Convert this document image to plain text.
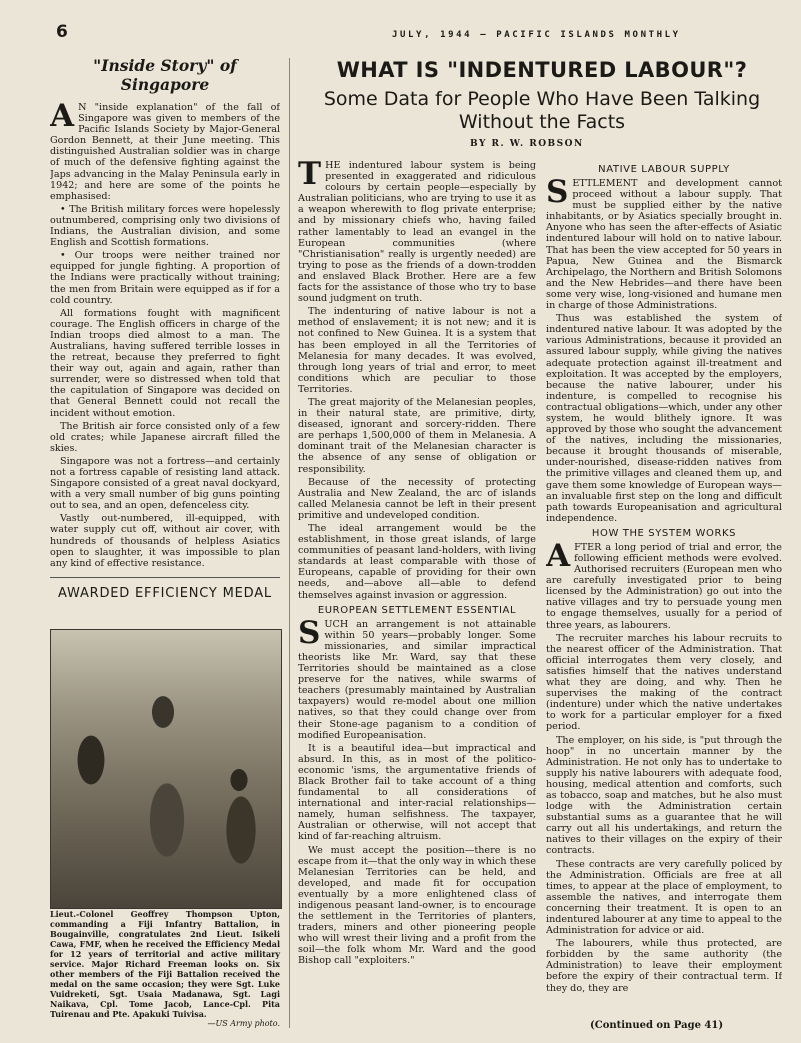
6	JULY, 1944 — PACIFIC ISLANDS MONTHLY
"Inside Story" of Singapore

A N "inside explanation" of the fall of Singapore was given to members of the Pacific Islands Society by Major-General Gordon Bennett, at their June meeting. This distinguished Australian soldier was in charge of much of the defensive fighting against the Japs advancing in the Malay Peninsula early in 1942; and here are some of the points he emphasised:

• The British military forces were hopelessly outnumbered, comprising only two divisions of Indians, the Australian division, and some English and Scottish formations.

• Our troops were neither trained nor equipped for jungle fighting. A proportion of the Indians were practically without training; the men from Britain were equipped as if for a cold country.

All formations fought with magnificent courage. The English officers in charge of the Indian troops died almost to a man. The Australians, having suffered terrible losses in the retreat, because they preferred to fight their way out, again and again, rather than surrender, were so distressed when told that the capitulation of Singapore was decided on that General Bennett could not recall the incident without emotion.

The British air force consisted only of a few old crates; while Japanese aircraft filled the skies.

Singapore was not a fortress—and certainly not a fortress capable of resisting land attack. Singapore consisted of a great naval dockyard, with a very small number of big guns pointing out to sea, and an open, defenceless city.

Vastly out-numbered, ill-equipped, with water supply cut off, without air cover, with hundreds of thousands of helpless Asiatics open to slaughter, it was impossible to plan any kind of effective resistance.

AWARDED EFFICIENCY MEDAL
Lieut.-Colonel Geoffrey Thompson Upton, commanding a Fiji Infantry Battalion, in Bougainville, congratulates 2nd Lieut. Isikeli Cawa, FMF, when he received the Efficiency Medal for 12 years of territorial and active military service. Major Richard Freeman looks on. Six other members of the Fiji Battalion received the medal on the same occasion; they were Sgt. Luke Vuidreketi, Sgt. Usaia Madanawa, Sgt. Lagi Naikava, Cpl. Tome Jacob, Lance-Cpl. Pita Tuirenau and Pte. Apakuki Tuivisa.
—US Army photo.
WHAT IS "INDENTURED LABOUR"?
Some Data for People Who Have Been Talking Without the Facts
BY R. W. ROBSON

THE indentured labour system is being presented in exaggerated and ridiculous colours by certain people—especially by Australian politicians, who are trying to use it as a weapon wherewith to flog private enterprise; and by missionary chiefs who, having failed rather lamentably to lead an evangel in the European communities (where "Christianisation" really is urgently needed) are trying to pose as the friends of a down-trodden and enslaved Black Brother. Here are a few facts for the assistance of those who try to base sound judgment on truth.

The indenturing of native labour is not a method of enslavement; it is not new; and it is not confined to New Guinea. It is a system that has been employed in all the Territories of Melanesia for many decades. It was evolved, through long years of trial and error, to meet conditions which are peculiar to those Territories.

The great majority of the Melanesian peoples, in their natural state, are primitive, dirty, diseased, ignorant and sorcery-ridden. There are perhaps 1,500,000 of them in Melanesia. A dominant trait of the Melanesian character is the absence of any sense of obligation or responsibility.

Because of the necessity of protecting Australia and New Zealand, the arc of islands called Melanesia cannot be left in their present primitive and undeveloped condition.

The ideal arrangement would be the establishment, in those great islands, of large communities of peasant land-holders, with living standards at least comparable with those of Europeans, capable of providing for their own needs, and—above all—able to defend themselves against invasion or aggression.

EUROPEAN SETTLEMENT ESSENTIAL

SUCH an arrangement is not attainable within 50 years—probably longer. Some missionaries, and similar impractical theorists like Mr. Ward, say that these Territories should be maintained as a close preserve for the natives, while swarms of teachers (presumably maintained by Australian taxpayers) would re-model about one million natives, so that they could change over from their Stone-age paganism to a condition of modified Europeanisation.

It is a beautiful idea—but impractical and absurd. In this, as in most of the politico-economic 'isms, the argumentative friends of Black Brother fail to take account of a thing fundamental to all considerations of international and inter-racial relationships—namely, human selfishness. The taxpayer, Australian or otherwise, will not accept that kind of far-reaching altruism.

We must accept the position—there is no escape from it—that the only way in which these Melanesian Territories can be held, and developed, and made fit for occupation eventually by a more enlightened class of indigenous peasant land-owner, is to encourage the settlement in the Territories of planters, traders, miners and other pioneering people who will wrest their living and a profit from the soil—the folk whom Mr. Ward and the good Bishop call "exploiters."

NATIVE LABOUR SUPPLY

SETTLEMENT and development cannot proceed without a labour supply. That must be supplied either by the native inhabitants, or by Asiatics specially brought in. Anyone who has seen the after-effects of Asiatic indentured labour will hold on to native labour. That has been the view accepted for 50 years in Papua, New Guinea and the Bismarck Archipelago, the Northern and British Solomons and the New Hebrides—and there have been some very wise, long-visioned and humane men in charge of those Administrations.

Thus was established the system of indentured native labour. It was adopted by the various Administrations, because it provided an assured labour supply, while giving the natives adequate protection against ill-treatment and exploitation. It was accepted by the employers, because the native labourer, under his indenture, is compelled to recognise his contractual obligations—which, under any other system, he would blithely ignore. It was approved by those who sought the advancement of the natives, including the missionaries, because it brought thousands of miserable, under-nourished, disease-ridden natives from the primitive villages and cleaned them up, and gave them some knowledge of European ways—an invaluable first step on the long and difficult path towards Europeanisation and agricultural independence.

HOW THE SYSTEM WORKS

AFTER a long period of trial and error, the following efficient methods were evolved. Authorised recruiters (European men who are carefully investigated prior to being licensed by the Administration) go out into the native villages and try to persuade young men to engage themselves, usually for a period of three years, as labourers.

The recruiter marches his labour recruits to the nearest officer of the Administration. That official interrogates them very closely, and satisfies himself that the natives understand what they are doing, and why. Then he supervises the making of the contract (indenture) under which the native undertakes to work for a particular employer for a fixed period.

The employer, on his side, is "put through the hoop" in no uncertain manner by the Administration. He not only has to undertake to supply his native labourers with adequate food, housing, medical attention and comforts, such as tobacco, soap and matches, but he also must lodge with the Administration certain substantial sums as a guarantee that he will carry out all his undertakings, and return the natives to their villages on the expiry of their contracts.

These contracts are very carefully policed by the Administration. Officials are free at all times, to appear at the place of employment, to assemble the natives, and interrogate them concerning their treatment. It is open to an indentured labourer at any time to appeal to the Administration for advice or aid.

The labourers, while thus protected, are forbidden by the same authority (the Administration) to leave their employment before the expiry of their contractual term. If they do, they are

(Continued on Page 41)
